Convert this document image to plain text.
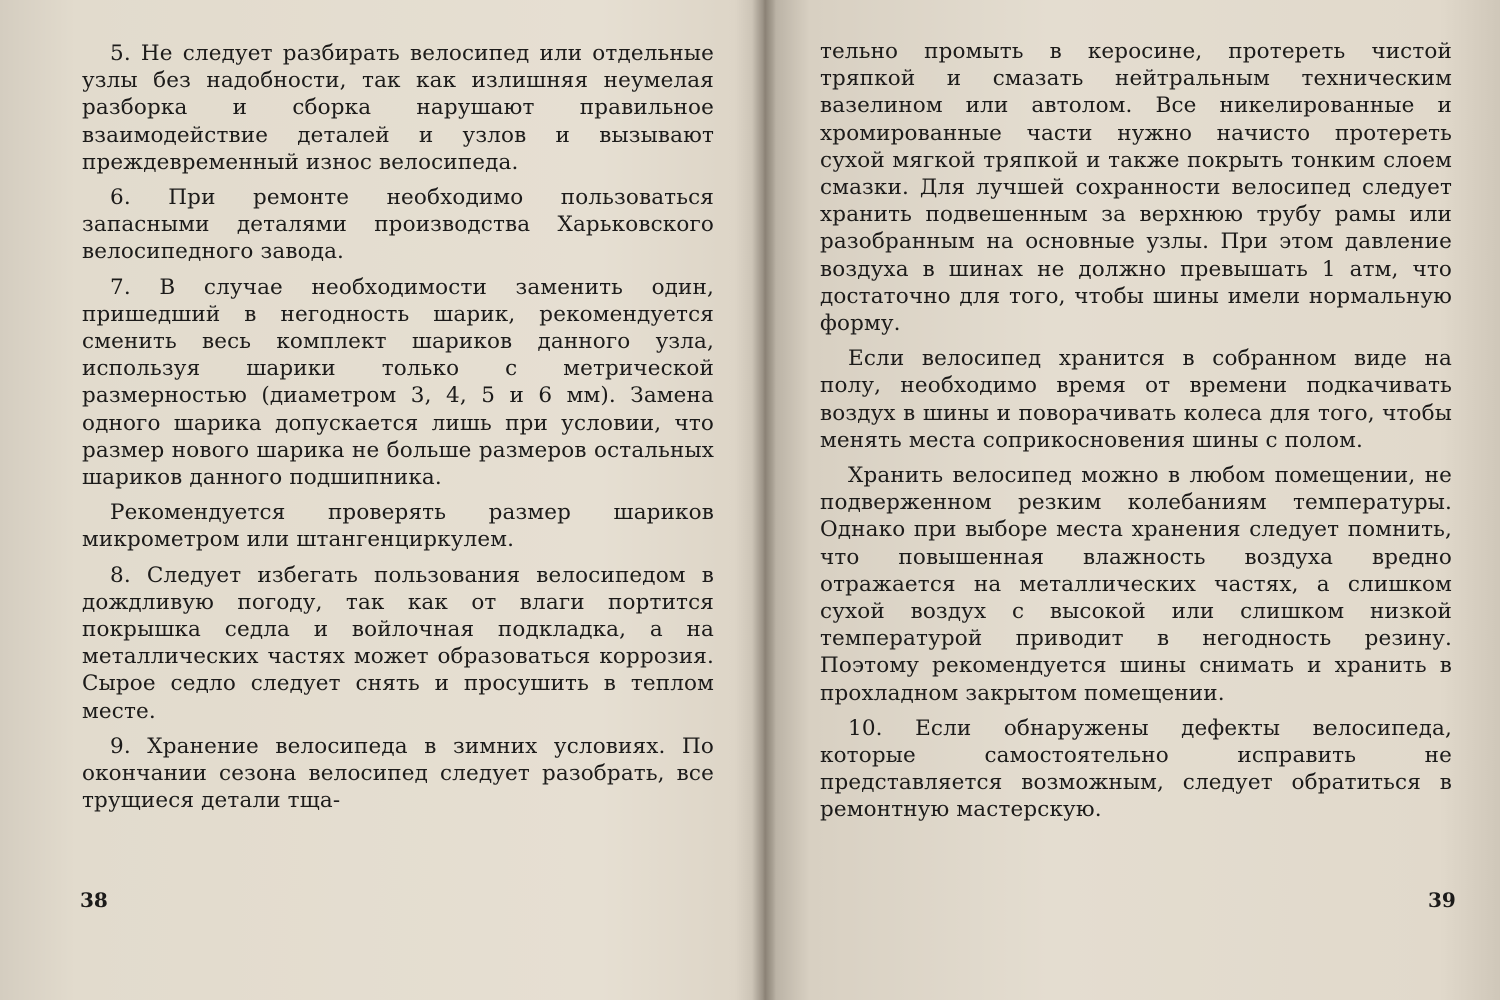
5. Не следует разбирать велосипед или отдельные узлы без надобности, так как излишняя неумелая разборка и сборка нарушают правильное взаимодействие деталей и узлов и вызывают преждевременный износ велосипеда.

6. При ремонте необходимо пользоваться запасными деталями производства Харьковского велосипедного завода.

7. В случае необходимости заменить один, пришедший в негодность шарик, рекомендуется сменить весь комплект шариков данного узла, используя шарики только с метрической размерностью (диаметром 3, 4, 5 и 6 мм). Замена одного шарика допускается лишь при условии, что размер нового шарика не больше размеров остальных шариков данного подшипника.

Рекомендуется проверять размер шариков микрометром или штангенциркулем.

8. Следует избегать пользования велосипедом в дождливую погоду, так как от влаги портится покрышка седла и войлочная подкладка, а на металлических частях может образоваться коррозия. Сырое седло следует снять и просушить в теплом месте.

9. Хранение велосипеда в зимних условиях. По окончании сезона велосипед следует разобрать, все трущиеся детали тща-

38

тельно промыть в керосине, протереть чистой тряпкой и смазать нейтральным техническим вазелином или автолом. Все никелированные и хромированные части нужно начисто протереть сухой мягкой тряпкой и также покрыть тонким слоем смазки. Для лучшей сохранности велосипед следует хранить подвешенным за верхнюю трубу рамы или разобранным на основные узлы. При этом давление воздуха в шинах не должно превышать 1 атм, что достаточно для того, чтобы шины имели нормальную форму.

Если велосипед хранится в собранном виде на полу, необходимо время от времени подкачивать воздух в шины и поворачивать колеса для того, чтобы менять места соприкосновения шины с полом.

Хранить велосипед можно в любом помещении, не подверженном резким колебаниям температуры. Однако при выборе места хранения следует помнить, что повышенная влажность воздуха вредно отражается на металлических частях, а слишком сухой воздух с высокой или слишком низкой температурой приводит в негодность резину. Поэтому рекомендуется шины снимать и хранить в прохладном закрытом помещении.

10. Если обнаружены дефекты велосипеда, которые самостоятельно исправить не представляется возможным, следует обратиться в ремонтную мастерскую.

39
